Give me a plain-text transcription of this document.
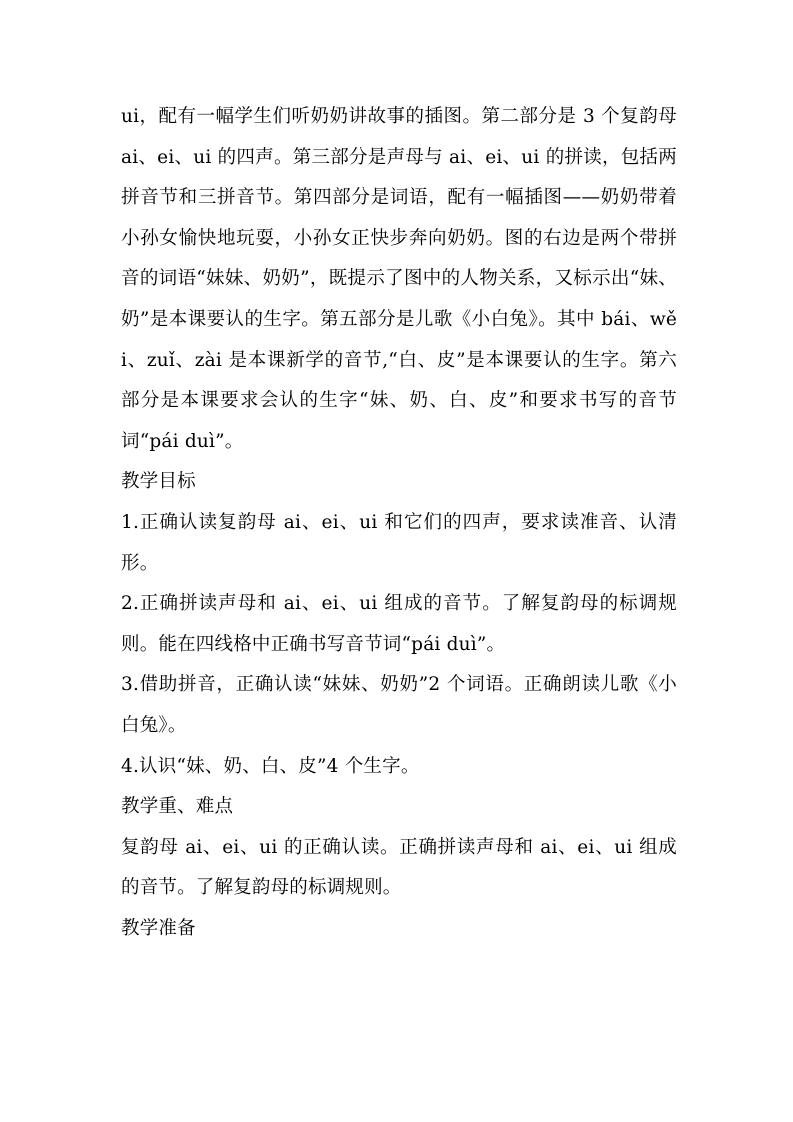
ui，配有一幅学生们听奶奶讲故事的插图。第二部分是 3 个复韵母 ai、ei、ui 的四声。第三部分是声母与 ai、ei、ui 的拼读，包括两拼音节和三拼音节。第四部分是词语，配有一幅插图——奶奶带着小孙女愉快地玩耍，小孙女正快步奔向奶奶。图的右边是两个带拼音的词语“妹妹、奶奶”，既提示了图中的人物关系，又标示出“妹、奶”是本课要认的生字。第五部分是儿歌《小白兔》。其中 bái、wěi、zuǐ、zài 是本课新学的音节,“白、皮”是本课要认的生字。第六部分是本课要求会认的生字“妹、奶、白、皮”和要求书写的音节词“pái duì”。

教学目标

1.正确认读复韵母 ai、ei、ui 和它们的四声，要求读准音、认清形。

2.正确拼读声母和 ai、ei、ui 组成的音节。了解复韵母的标调规则。能在四线格中正确书写音节词“pái duì”。

3.借助拼音，正确认读“妹妹、奶奶”2 个词语。正确朗读儿歌《小白兔》。

4.认识“妹、奶、白、皮”4 个生字。

教学重、难点

复韵母 ai、ei、ui 的正确认读。正确拼读声母和 ai、ei、ui 组成的音节。了解复韵母的标调规则。

教学准备
